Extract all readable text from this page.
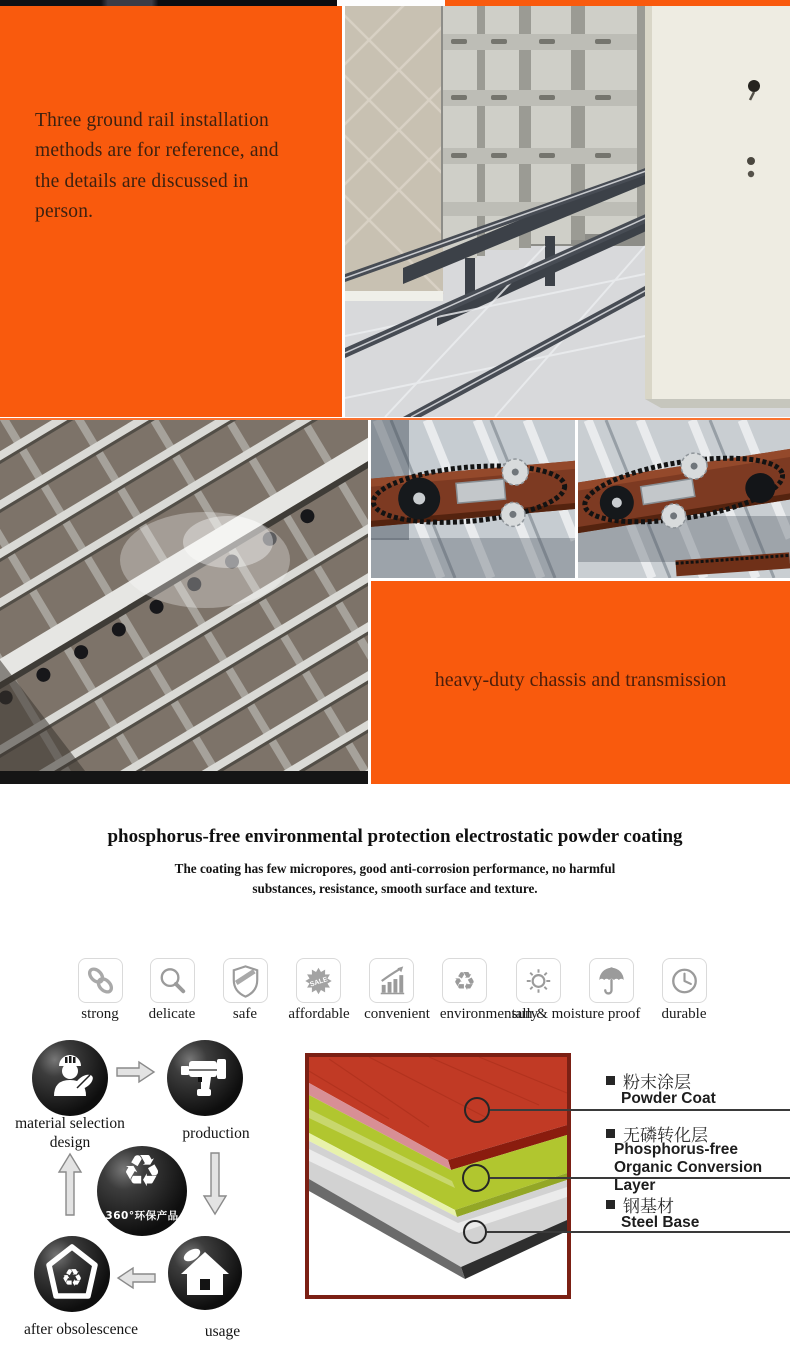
Three ground rail installation methods are for reference, and the details are discussed in person.

heavy-duty chassis and transmission

phosphorus-free environmental protection electrostatic powder coating
The coating has few micropores, good anti-corrosion performance, no harmful
substances, resistance, smooth surface and texture.
SALE	♻
strong delicate	safe affordable convenient environmentally
sun & moisture proof durable
♻
360°环保产品
♻
material selection
design
production
after obsolescence	usage
粉末涂层
Powder Coat
无磷转化层
Phosphorus-free Organic Conversion Layer
钢基材
Steel Base
